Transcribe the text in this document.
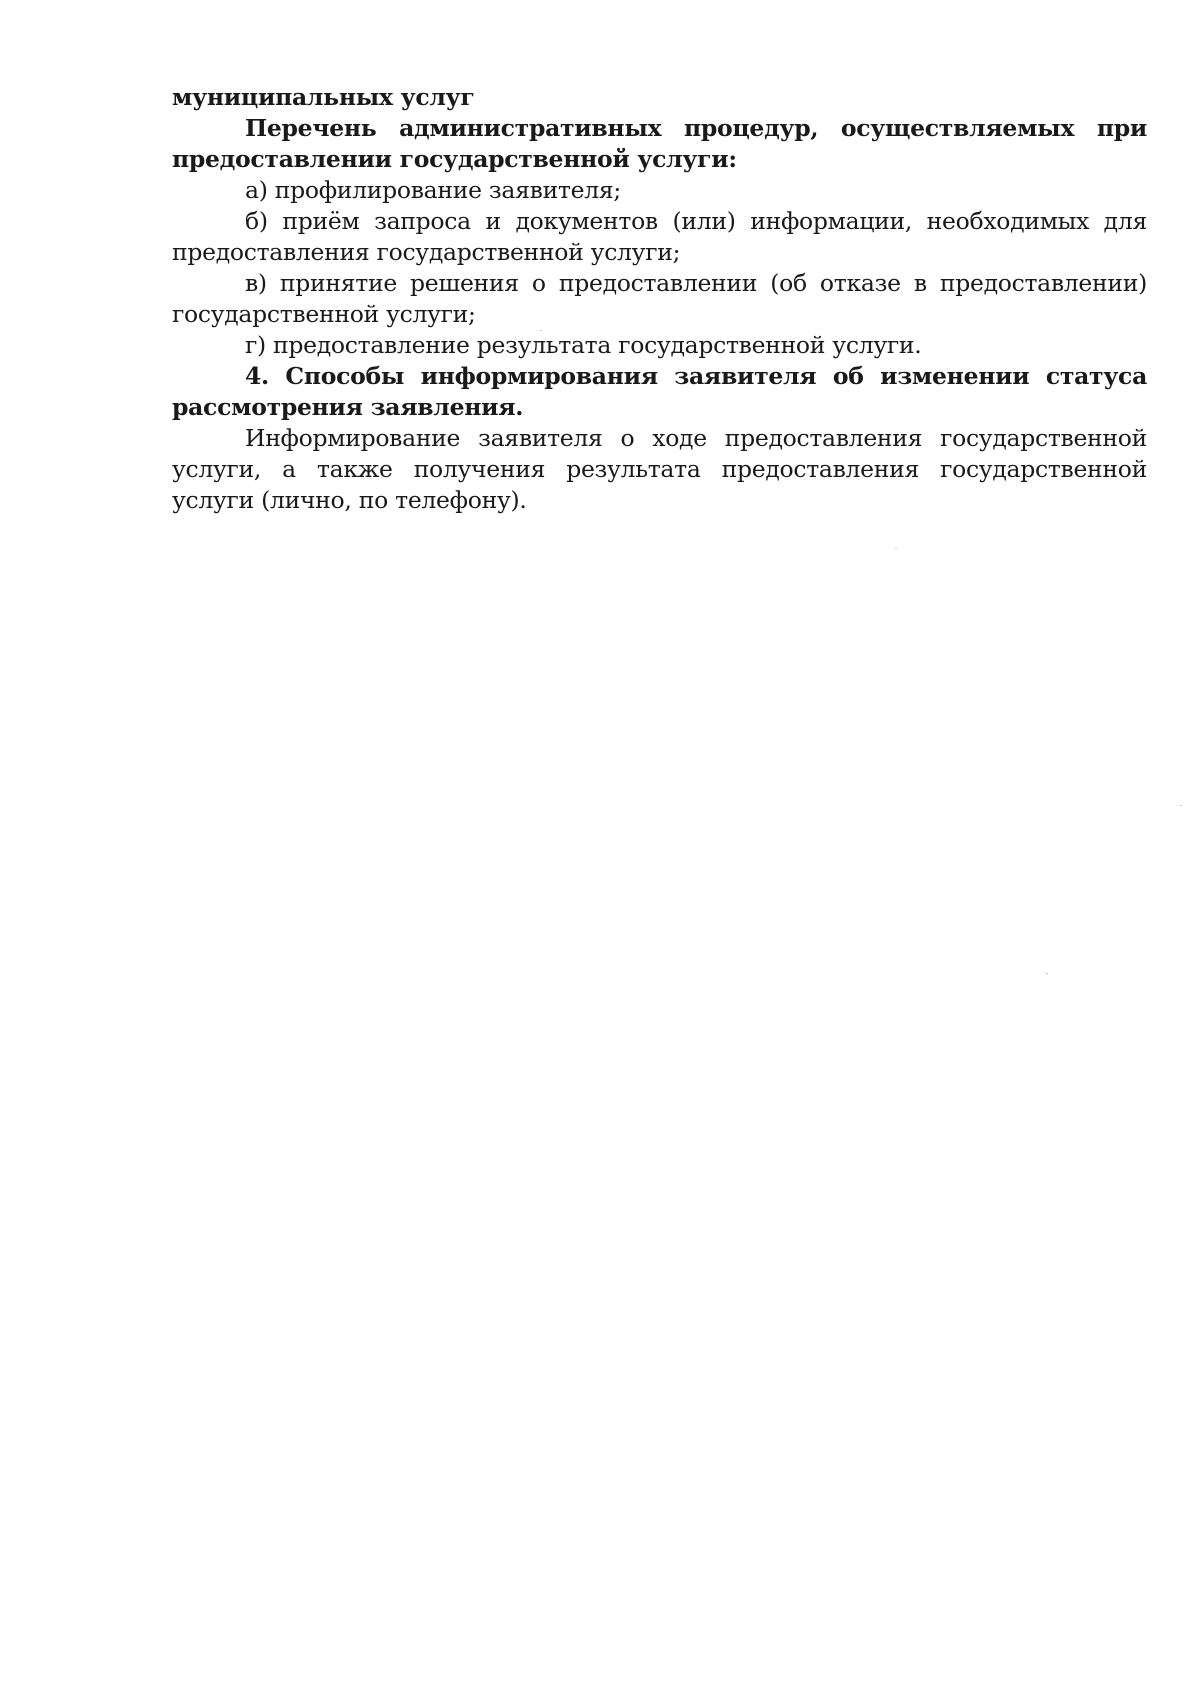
муниципальных услуг

Перечень административных процедур, осуществляемых при предоставлении государственной услуги:

а) профилирование заявителя;

б) приём запроса и документов (или) информации, необходимых для предоставления государственной услуги;

в) принятие решения о предоставлении (об отказе в предоставлении) государственной услуги;

г) предоставление результата государственной услуги.

4. Способы информирования заявителя об изменении статуса рассмотрения заявления.

Информирование заявителя о ходе предоставления государственной услуги, а также получения результата предоставления государственной услуги (лично, по телефону).
